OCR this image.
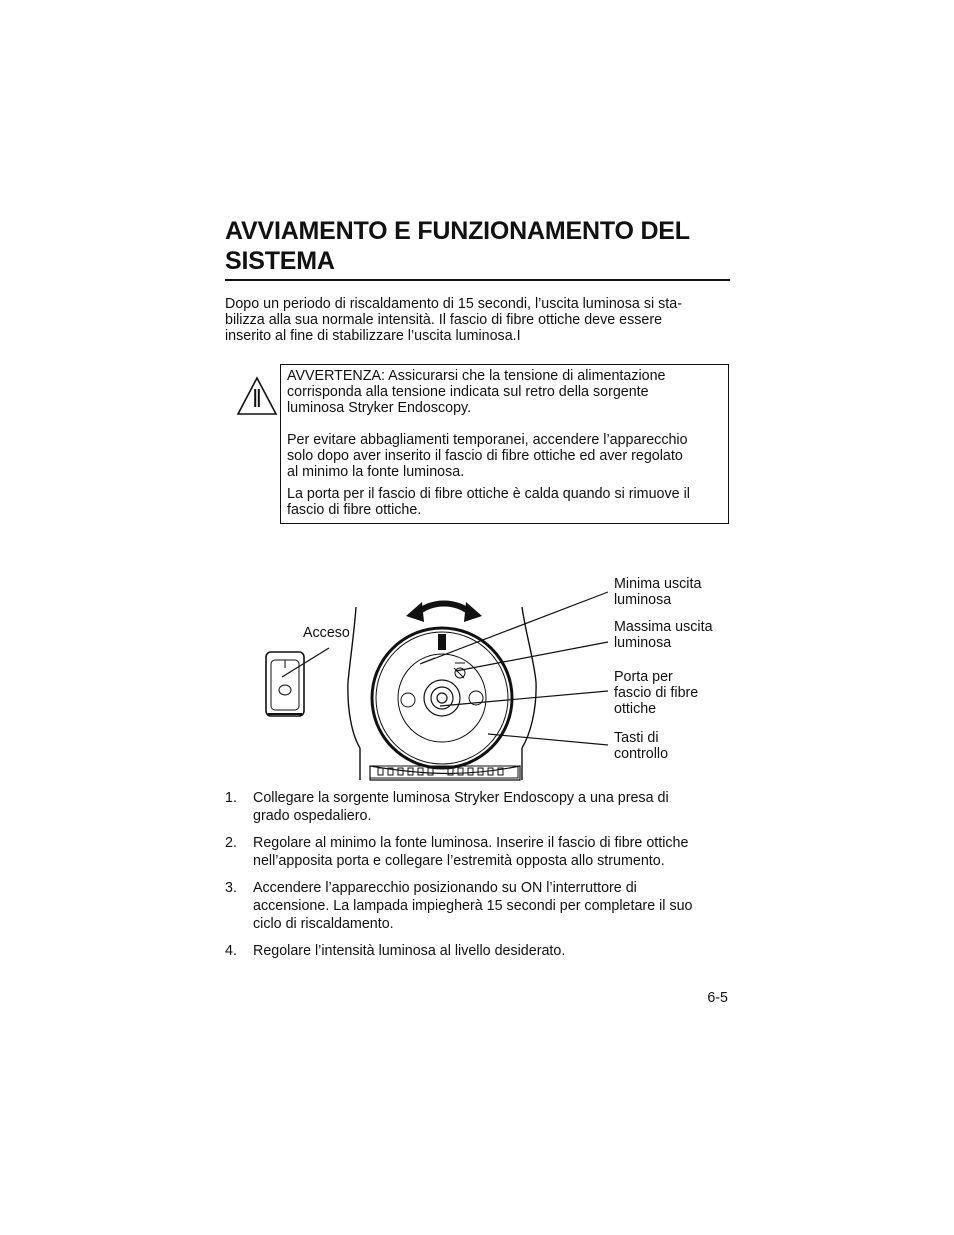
AVVIAMENTO E FUNZIONAMENTO DEL
SISTEMA

Dopo un periodo di riscaldamento di 15 secondi, l’uscita luminosa si sta-
bilizza alla sua normale intensità. Il fascio di fibre ottiche deve essere
inserito al fine di stabilizzare l’uscita luminosa.I

AVVERTENZA: Assicurarsi che la tensione di alimentazione
corrisponda alla tensione indicata sul retro della sorgente
luminosa Stryker Endoscopy.

Per evitare abbagliamenti temporanei, accendere l’apparecchio
solo dopo aver inserito il fascio di fibre ottiche ed aver regolato
al minimo la fonte luminosa.

La porta per il fascio di fibre ottiche è calda quando si rimuove il
fascio di fibre ottiche.

I

Acceso

Minima uscita
luminosa

Massima uscita
luminosa

Porta per
fascio di fibre
ottiche

Tasti di
controllo

1. Collegare la sorgente luminosa Stryker Endoscopy a una presa di
grado ospedaliero.
2. Regolare al minimo la fonte luminosa. Inserire il fascio di fibre ottiche
nell’apposita porta e collegare l’estremità opposta allo strumento.
3. Accendere l’apparecchio posizionando su ON l’interruttore di
accensione. La lampada impiegherà 15 secondi per completare il suo
ciclo di riscaldamento.
4. Regolare l’intensità luminosa al livello desiderato.
6-5
